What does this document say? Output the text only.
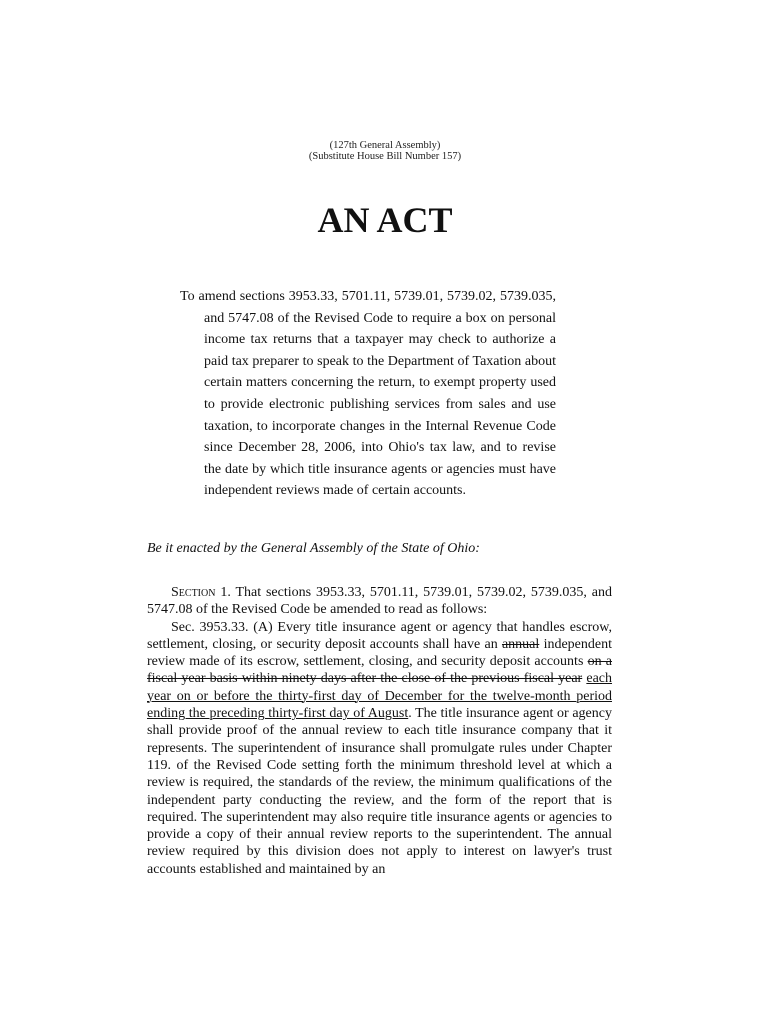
(127th General Assembly)
(Substitute House Bill Number 157)
AN ACT

To amend sections 3953.33, 5701.11, 5739.01, 5739.02, 5739.035, and 5747.08 of the Revised Code to require a box on personal income tax returns that a taxpayer may check to authorize a paid tax preparer to speak to the Department of Taxation about certain matters concerning the return, to exempt property used to provide electronic publishing services from sales and use taxation, to incorporate changes in the Internal Revenue Code since December 28, 2006, into Ohio's tax law, and to revise the date by which title insurance agents or agencies must have independent reviews made of certain accounts.

Be it enacted by the General Assembly of the State of Ohio:

Section 1. That sections 3953.33, 5701.11, 5739.01, 5739.02, 5739.035, and 5747.08 of the Revised Code be amended to read as follows:

Sec. 3953.33. (A) Every title insurance agent or agency that handles escrow, settlement, closing, or security deposit accounts shall have an annual independent review made of its escrow, settlement, closing, and security deposit accounts on a fiscal year basis within ninety days after the close of the previous fiscal year each year on or before the thirty-first day of December for the twelve-month period ending the preceding thirty-first day of August. The title insurance agent or agency shall provide proof of the annual review to each title insurance company that it represents. The superintendent of insurance shall promulgate rules under Chapter 119. of the Revised Code setting forth the minimum threshold level at which a review is required, the standards of the review, the minimum qualifications of the independent party conducting the review, and the form of the report that is required. The superintendent may also require title insurance agents or agencies to provide a copy of their annual review reports to the superintendent. The annual review required by this division does not apply to interest on lawyer's trust accounts established and maintained by an
